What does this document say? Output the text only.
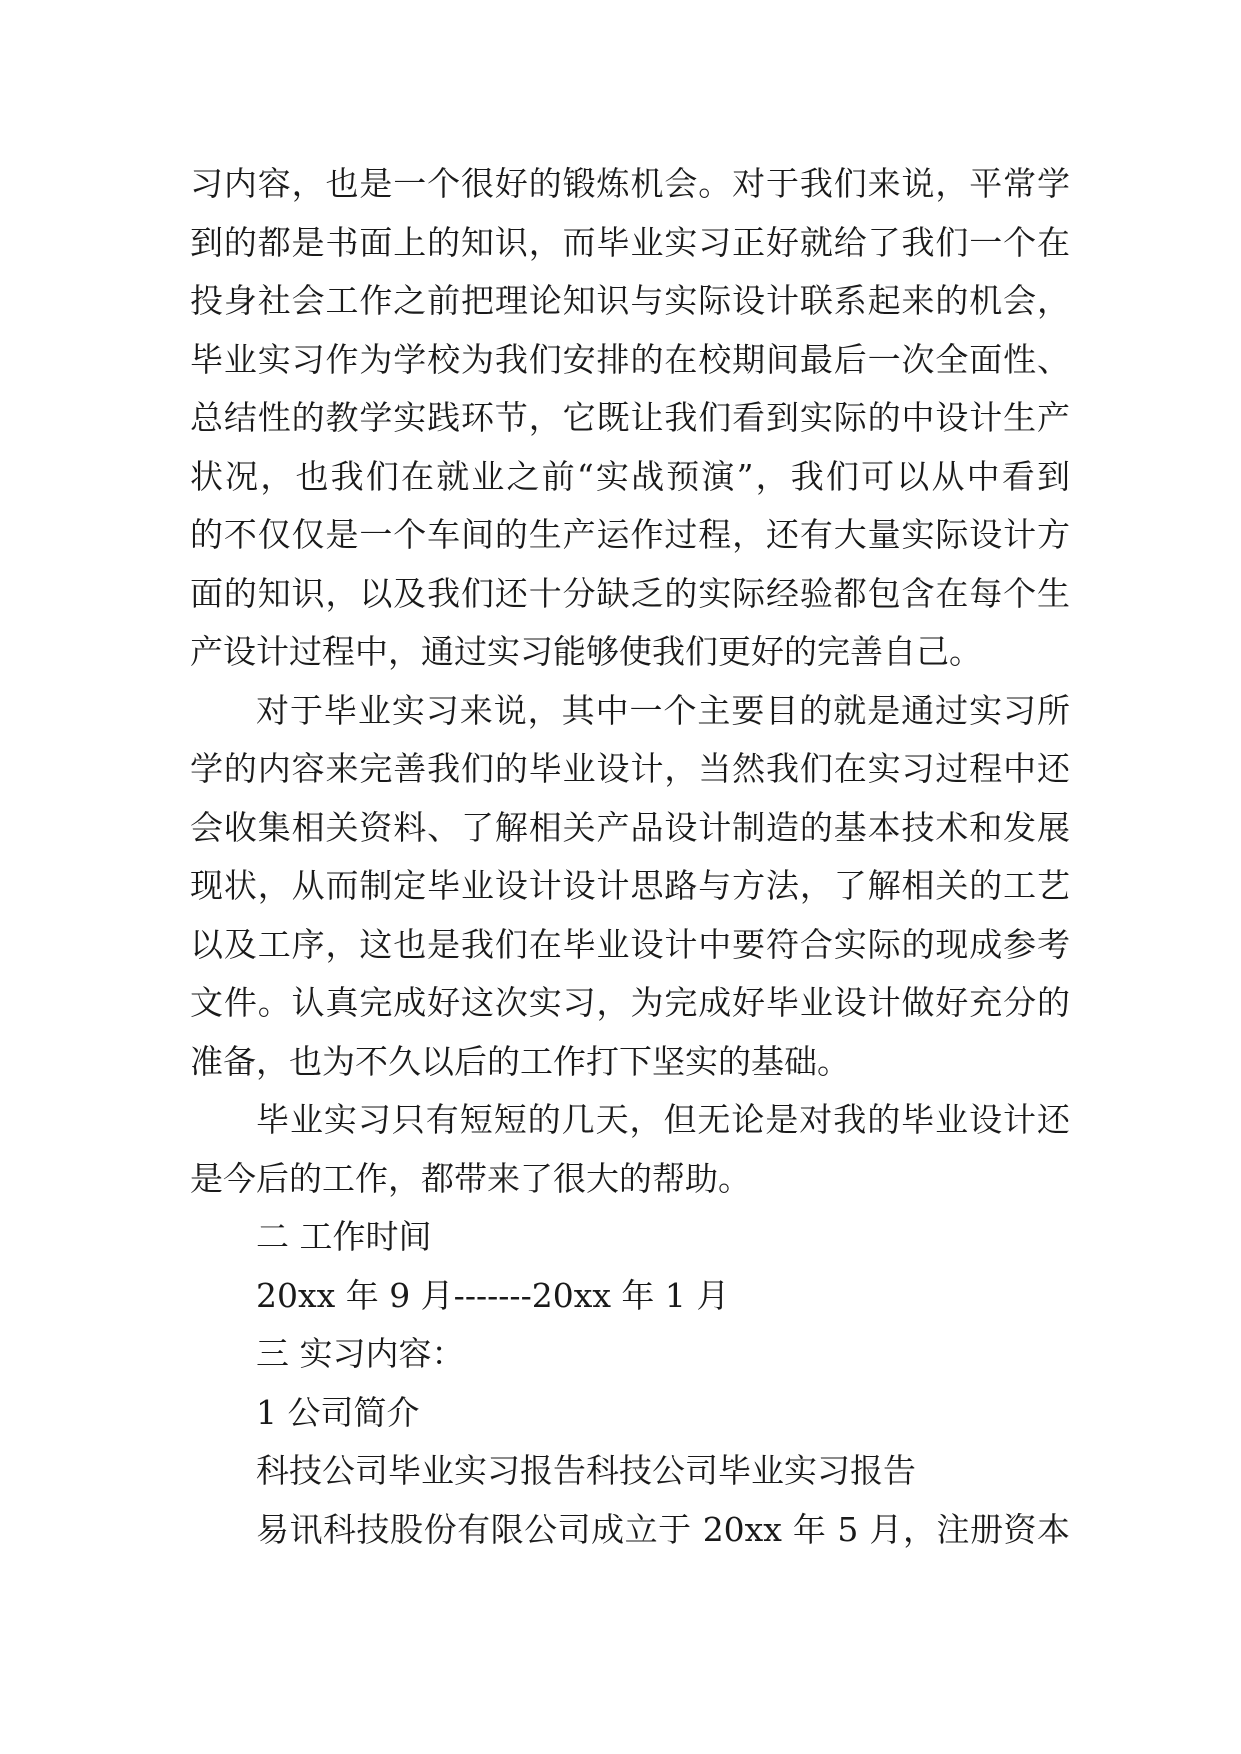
习内容，也是一个很好的锻炼机会。对于我们来说，平常学

到的都是书面上的知识，而毕业实习正好就给了我们一个在

投身社会工作之前把理论知识与实际设计联系起来的机会，

毕业实习作为学校为我们安排的在校期间最后一次全面性、

总结性的教学实践环节，它既让我们看到实际的中设计生产

状况，也我们在就业之前“实战预演”，我们可以从中看到

的不仅仅是一个车间的生产运作过程，还有大量实际设计方

面的知识，以及我们还十分缺乏的实际经验都包含在每个生

产设计过程中，通过实习能够使我们更好的完善自己。

对于毕业实习来说，其中一个主要目的就是通过实习所

学的内容来完善我们的毕业设计，当然我们在实习过程中还

会收集相关资料、了解相关产品设计制造的基本技术和发展

现状，从而制定毕业设计设计思路与方法，了解相关的工艺

以及工序，这也是我们在毕业设计中要符合实际的现成参考

文件。认真完成好这次实习，为完成好毕业设计做好充分的

准备，也为不久以后的工作打下坚实的基础。

毕业实习只有短短的几天，但无论是对我的毕业设计还

是今后的工作，都带来了很大的帮助。

二 工作时间

20xx 年 9 月-------20xx 年 1 月

三 实习内容：

1 公司简介

科技公司毕业实习报告科技公司毕业实习报告

易讯科技股份有限公司成立于 20xx 年 5 月，注册资本
